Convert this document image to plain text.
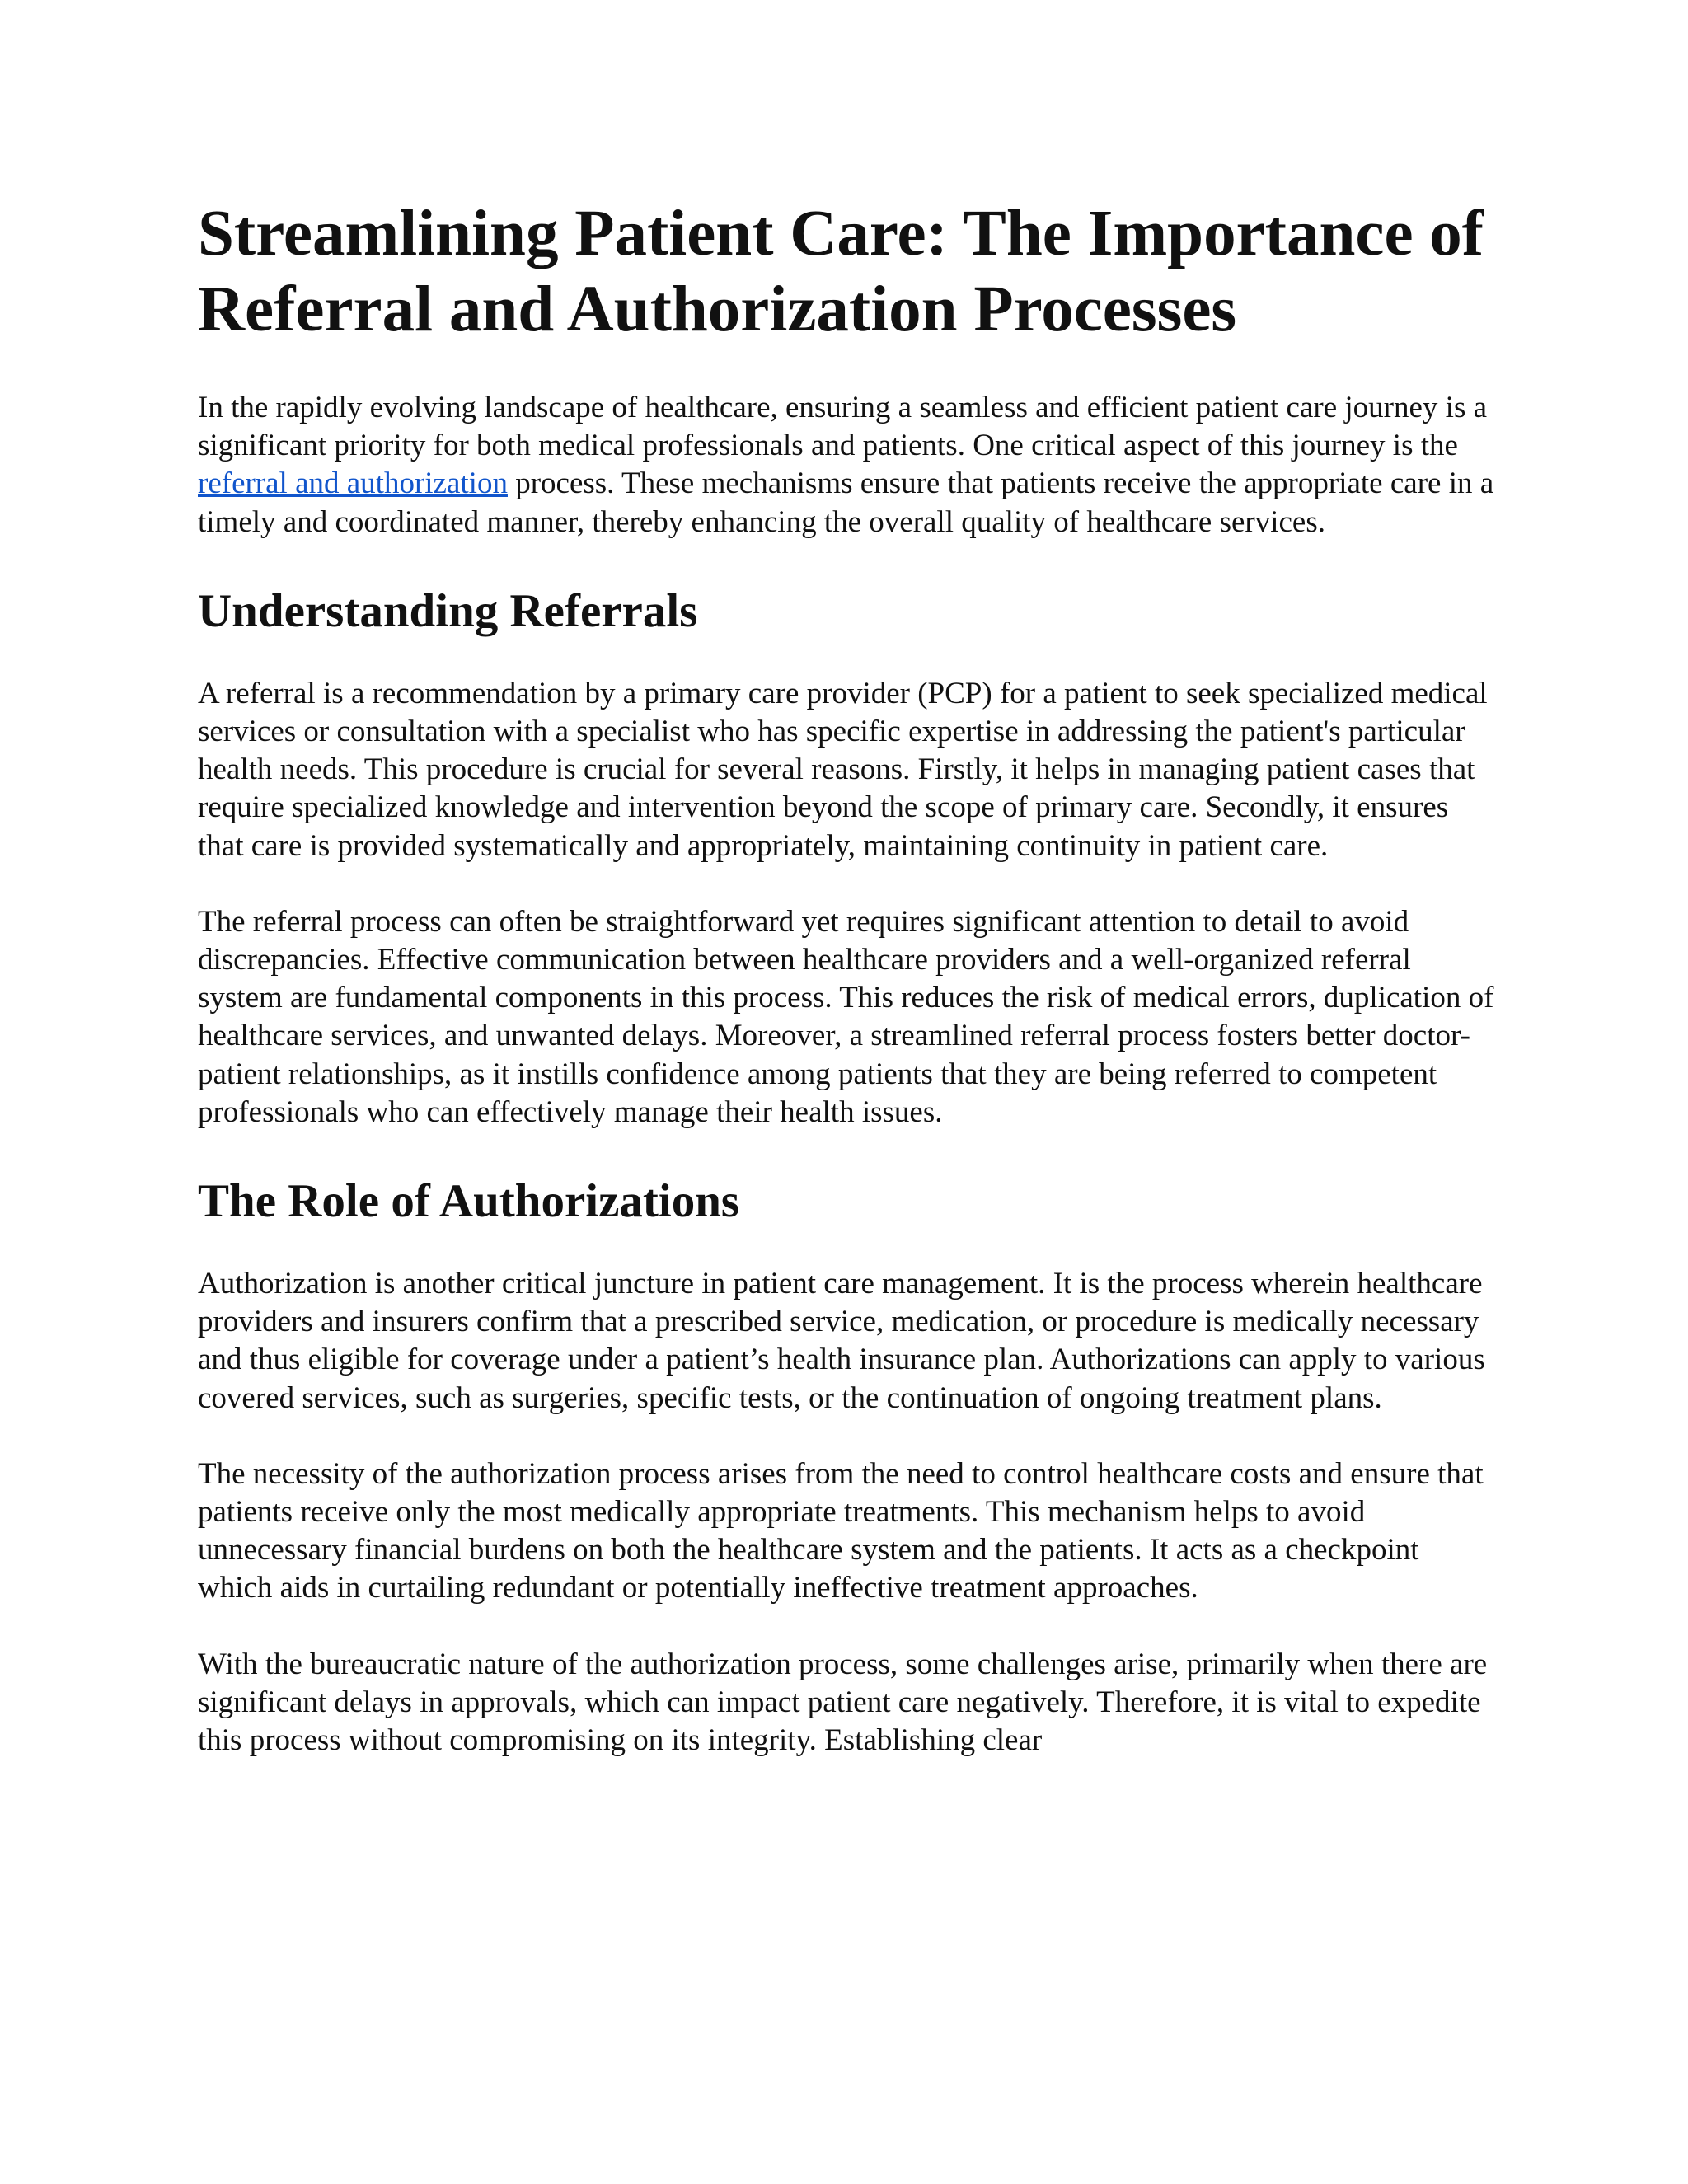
Streamlining Patient Care: The Importance of Referral and Authorization Processes

In the rapidly evolving landscape of healthcare, ensuring a seamless and efficient patient care journey is a significant priority for both medical professionals and patients. One critical aspect of this journey is the referral and authorization process. These mechanisms ensure that patients receive the appropriate care in a timely and coordinated manner, thereby enhancing the overall quality of healthcare services.

Understanding Referrals

A referral is a recommendation by a primary care provider (PCP) for a patient to seek specialized medical services or consultation with a specialist who has specific expertise in addressing the patient's particular health needs. This procedure is crucial for several reasons. Firstly, it helps in managing patient cases that require specialized knowledge and intervention beyond the scope of primary care. Secondly, it ensures that care is provided systematically and appropriately, maintaining continuity in patient care.

The referral process can often be straightforward yet requires significant attention to detail to avoid discrepancies. Effective communication between healthcare providers and a well-organized referral system are fundamental components in this process. This reduces the risk of medical errors, duplication of healthcare services, and unwanted delays. Moreover, a streamlined referral process fosters better doctor-patient relationships, as it instills confidence among patients that they are being referred to competent professionals who can effectively manage their health issues.

The Role of Authorizations

Authorization is another critical juncture in patient care management. It is the process wherein healthcare providers and insurers confirm that a prescribed service, medication, or procedure is medically necessary and thus eligible for coverage under a patient’s health insurance plan. Authorizations can apply to various covered services, such as surgeries, specific tests, or the continuation of ongoing treatment plans.

The necessity of the authorization process arises from the need to control healthcare costs and ensure that patients receive only the most medically appropriate treatments. This mechanism helps to avoid unnecessary financial burdens on both the healthcare system and the patients. It acts as a checkpoint which aids in curtailing redundant or potentially ineffective treatment approaches.

With the bureaucratic nature of the authorization process, some challenges arise, primarily when there are significant delays in approvals, which can impact patient care negatively. Therefore, it is vital to expedite this process without compromising on its integrity. Establishing clear
